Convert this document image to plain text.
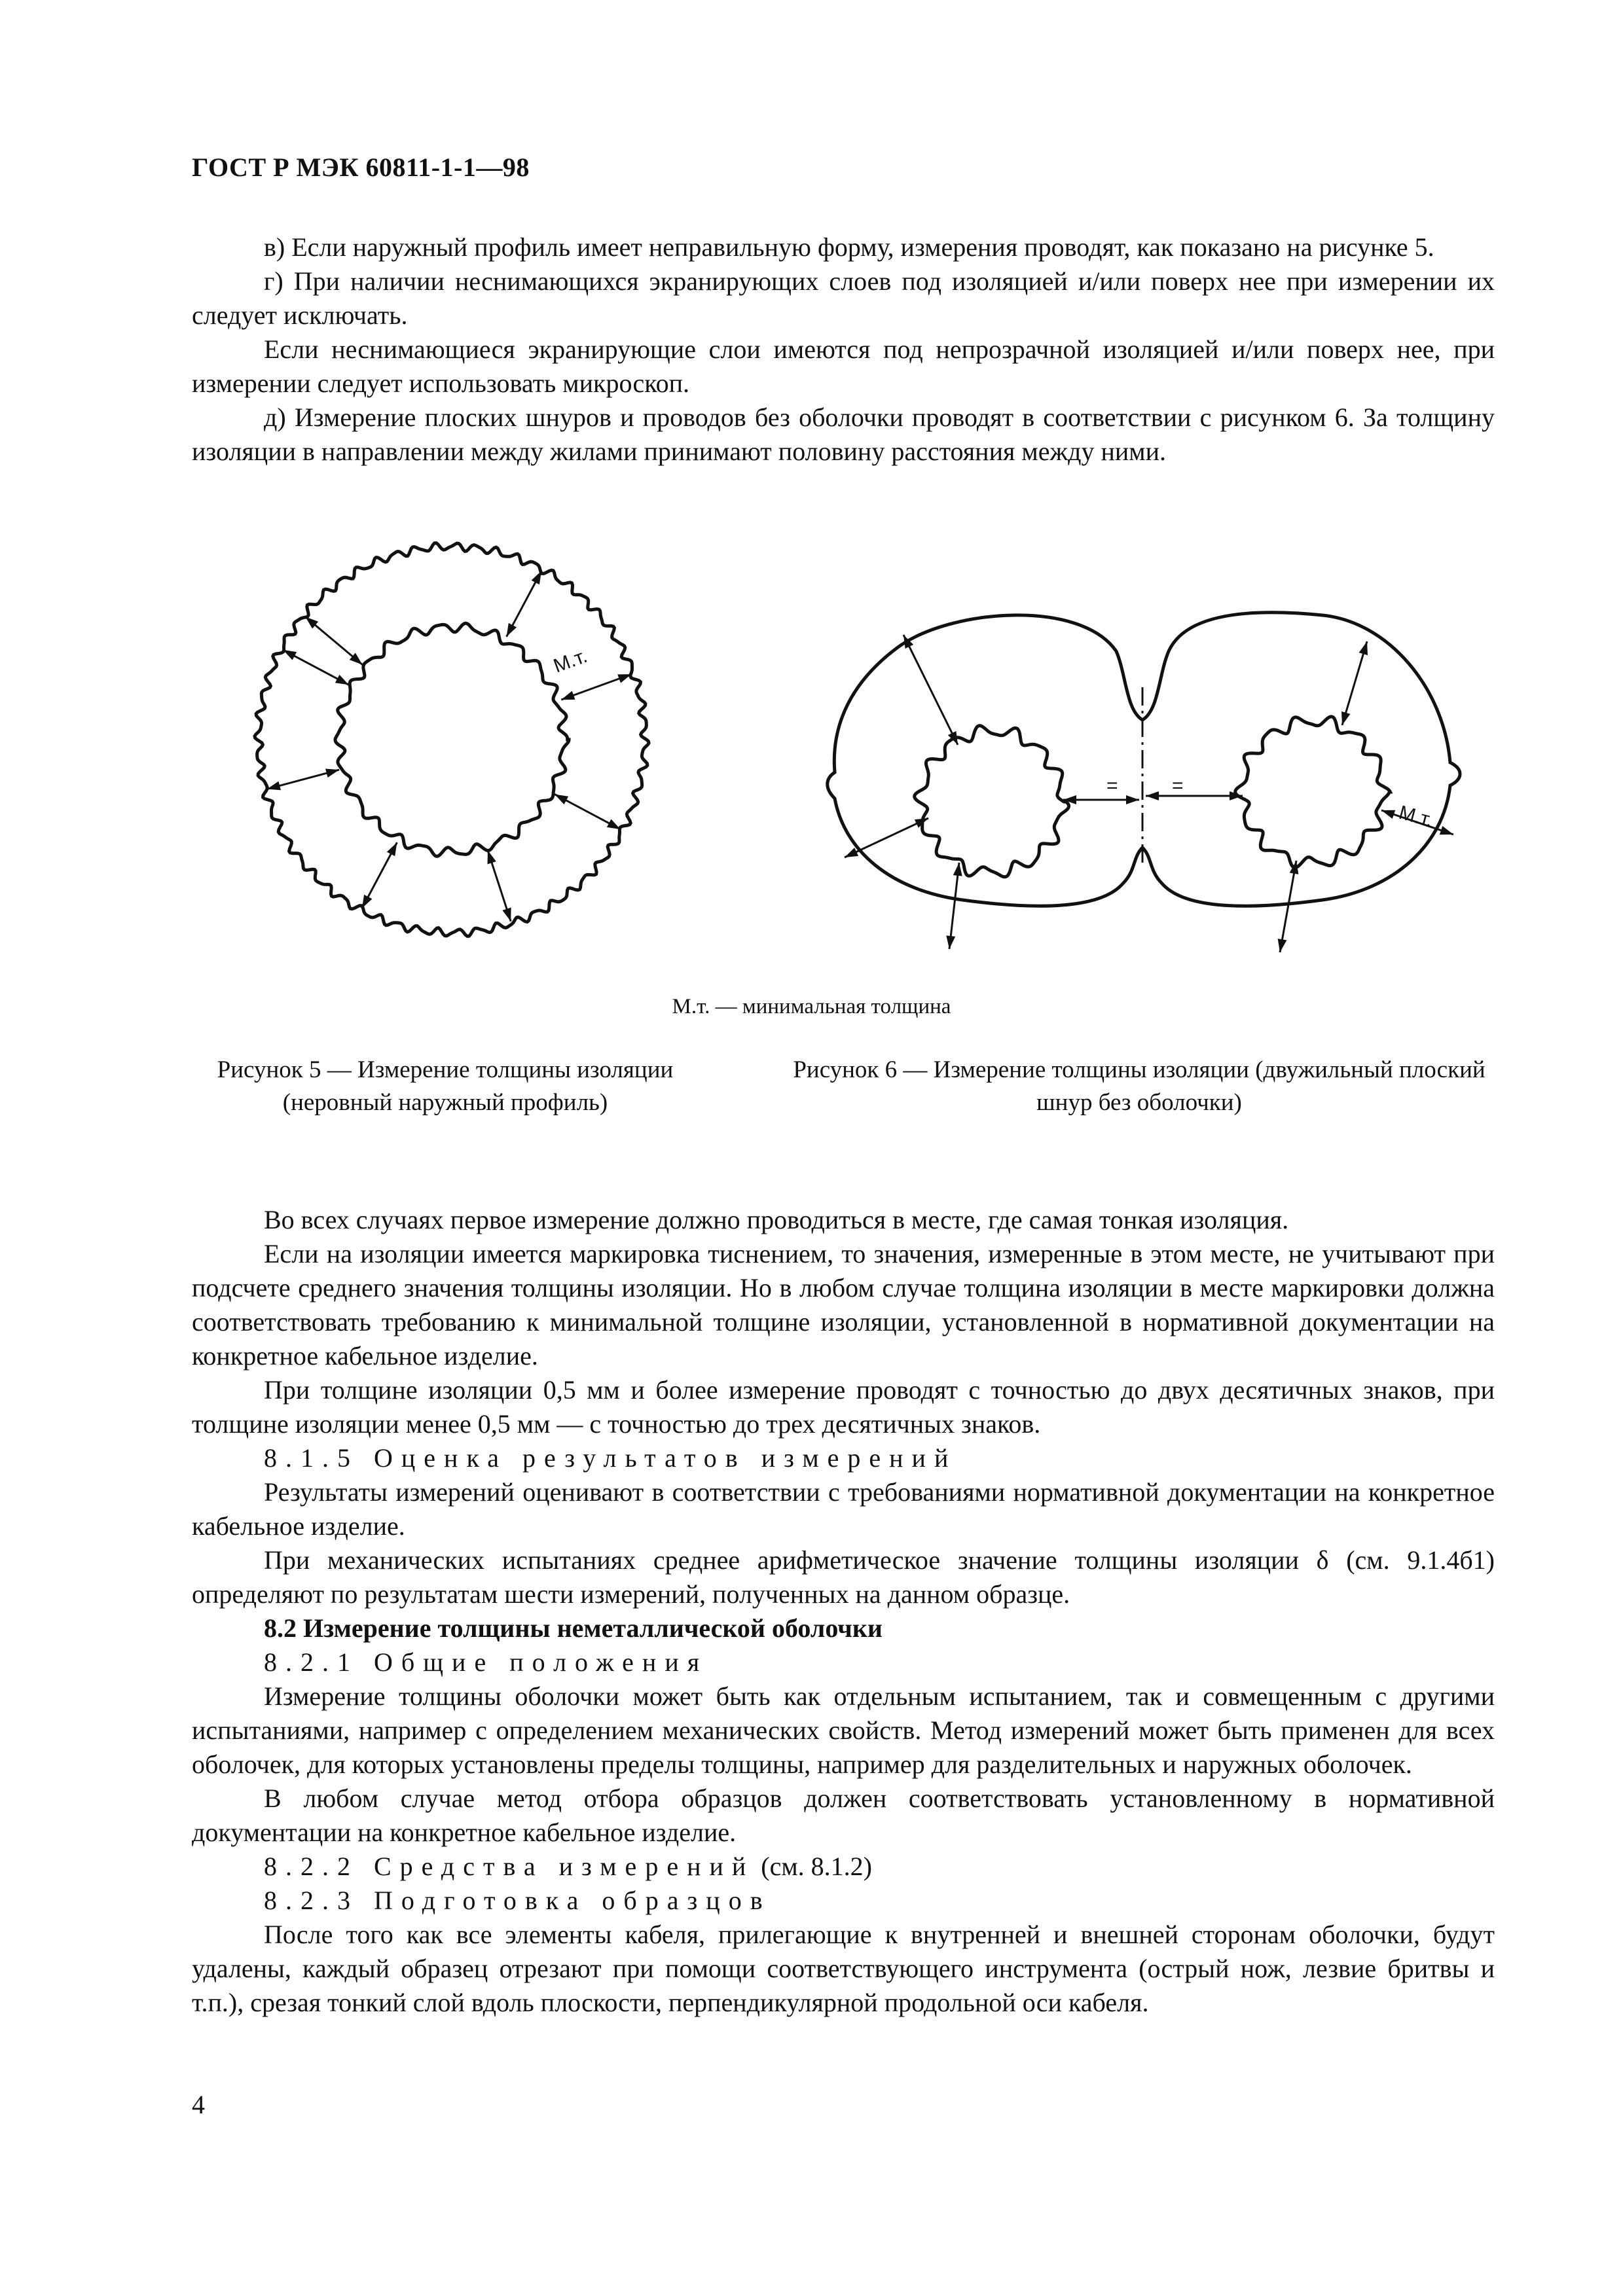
ГОСТ Р МЭК 60811-1-1—98

в) Если наружный профиль имеет неправильную форму, измерения проводят, как показано на рисунке 5.

г) При наличии неснимающихся экранирующих слоев под изоляцией и/или поверх нее при измерении их следует исключать.

Если неснимающиеся экранирующие слои имеются под непрозрачной изоляцией и/или поверх нее, при измерении следует использовать микроскоп.

д) Измерение плоских шнуров и проводов без оболочки проводят в соответствии с рисунком 6. За толщину изоляции в направлении между жилами принимают половину расстояния между ними.

М.т.
=	=
М.т.
М.т. — минимальная толщина
Рисунок 5 — Измерение толщины изоляции (неровный наружный профиль)
Рисунок 6 — Измерение толщины изоляции (двужильный плоский шнур без оболочки)

Во всех случаях первое измерение должно проводиться в месте, где самая тонкая изоляция.

Если на изоляции имеется маркировка тиснением, то значения, измеренные в этом месте, не учитывают при подсчете среднего значения толщины изоляции. Но в любом случае толщина изоляции в месте маркировки должна соответствовать требованию к минимальной толщине изоляции, установленной в нормативной документации на конкретное кабельное изделие.

При толщине изоляции 0,5 мм и более измерение проводят с точностью до двух десятичных знаков, при толщине изоляции менее 0,5 мм — с точностью до трех десятичных знаков.

8.1.5 Оценка результатов измерений

Результаты измерений оценивают в соответствии с требованиями нормативной документации на конкретное кабельное изделие.

При механических испытаниях среднее арифметическое значение толщины изоляции δ (см. 9.1.4б1) определяют по результатам шести измерений, полученных на данном образце.

8.2 Измерение толщины неметаллической оболочки

8.2.1 Общие положения

Измерение толщины оболочки может быть как отдельным испытанием, так и совмещенным с другими испытаниями, например с определением механических свойств. Метод измерений может быть применен для всех оболочек, для которых установлены пределы толщины, например для разделительных и наружных оболочек.

В любом случае метод отбора образцов должен соответствовать установленному в нормативной документации на конкретное кабельное изделие.

8.2.2 Средства измерений (см. 8.1.2)

8.2.3 Подготовка образцов

После того как все элементы кабеля, прилегающие к внутренней и внешней сторонам оболочки, будут удалены, каждый образец отрезают при помощи соответствующего инструмента (острый нож, лезвие бритвы и т.п.), срезая тонкий слой вдоль плоскости, перпендикулярной продольной оси кабеля.

4
